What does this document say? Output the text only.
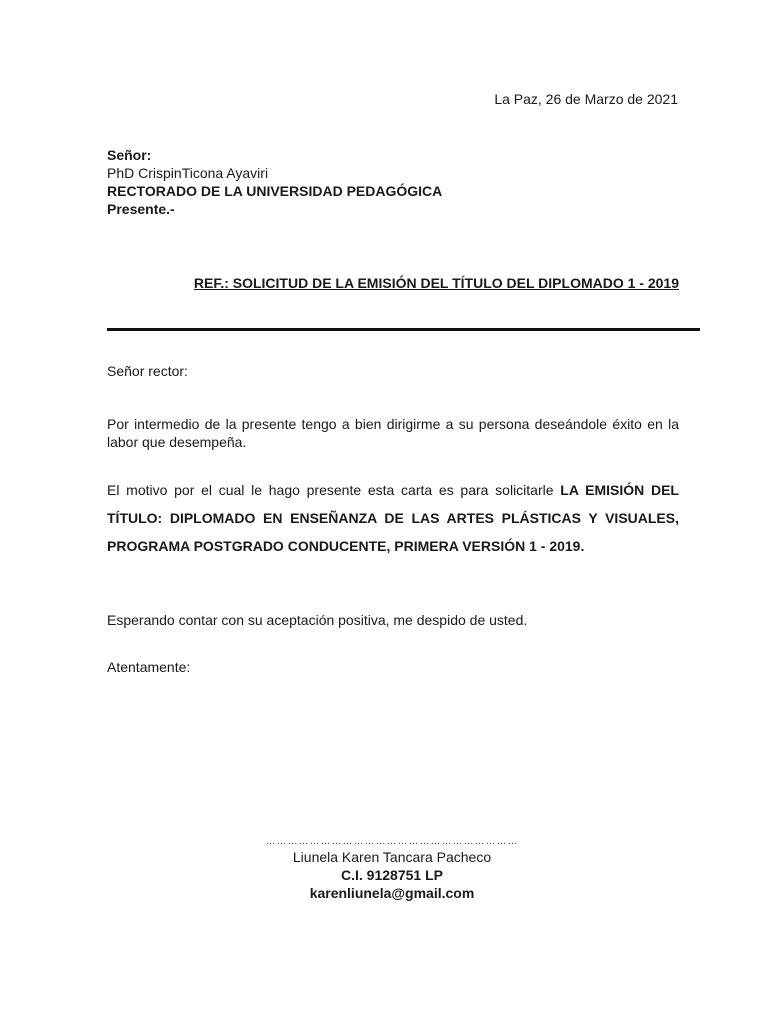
La Paz, 26 de Marzo de 2021
Señor:
PhD CrispinTicona Ayaviri
RECTORADO DE LA UNIVERSIDAD PEDAGÓGICA
Presente.-
REF.: SOLICITUD DE LA EMISIÓN DEL TÍTULO DEL DIPLOMADO 1 - 2019
Señor rector:
Por intermedio de la presente tengo a bien dirigirme a su persona deseándole éxito en la labor que desempeña.
El motivo por el cual le hago presente esta carta es para solicitarle LA EMISIÓN DEL TÍTULO: DIPLOMADO EN ENSEÑANZA DE LAS ARTES PLÁSTICAS Y VISUALES, PROGRAMA POSTGRADO CONDUCENTE, PRIMERA VERSIÓN 1 - 2019.
Esperando contar con su aceptación positiva, me despido de usted.
Atentamente:
……………………………………………………………
Liunela Karen Tancara Pacheco
C.I. 9128751 LP
karenliunela@gmail.com
